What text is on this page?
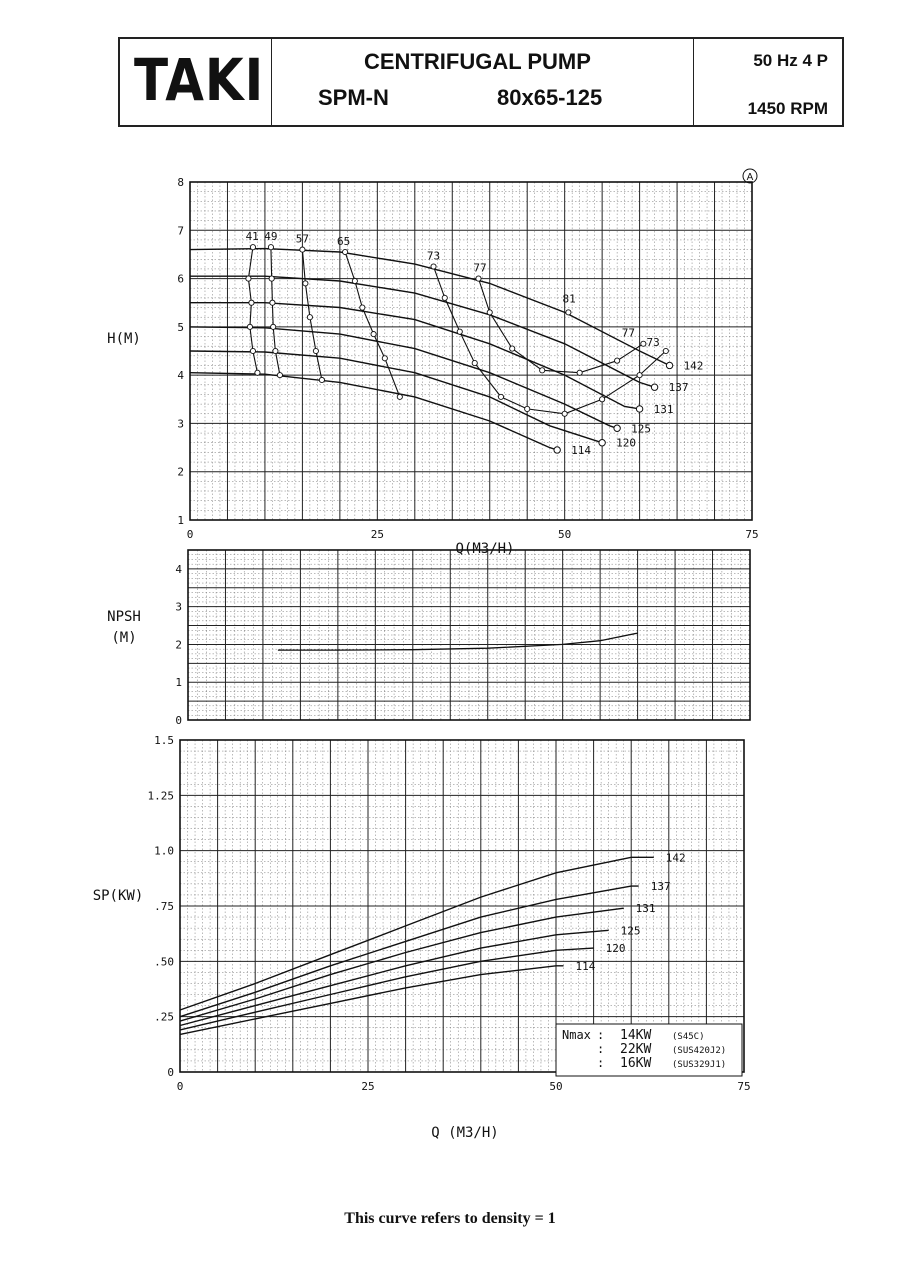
TAKI	CENTRIFUGAL PUMP
SPM-N	80x65-125
50 Hz 4 P
1450 RPM
1
2
3
4
5
6
7
8
0	25	50	75
H(M)
Q(M3/H)
142
137
131
125
120
114
41 49 57	65
73
77
81
77
73
A
0
1
2
3
4
NPSH
(M)
0
.25
.50
.75
1.0
1.25
1.5
0	25	50	75
SP(KW)
Q (M3/H)
142
137
131
125
120
114
Nmax : 14KW (S45C)
: 22KW (SUS420J2)
: 16KW (SUS329J1)
This curve refers to density = 1
